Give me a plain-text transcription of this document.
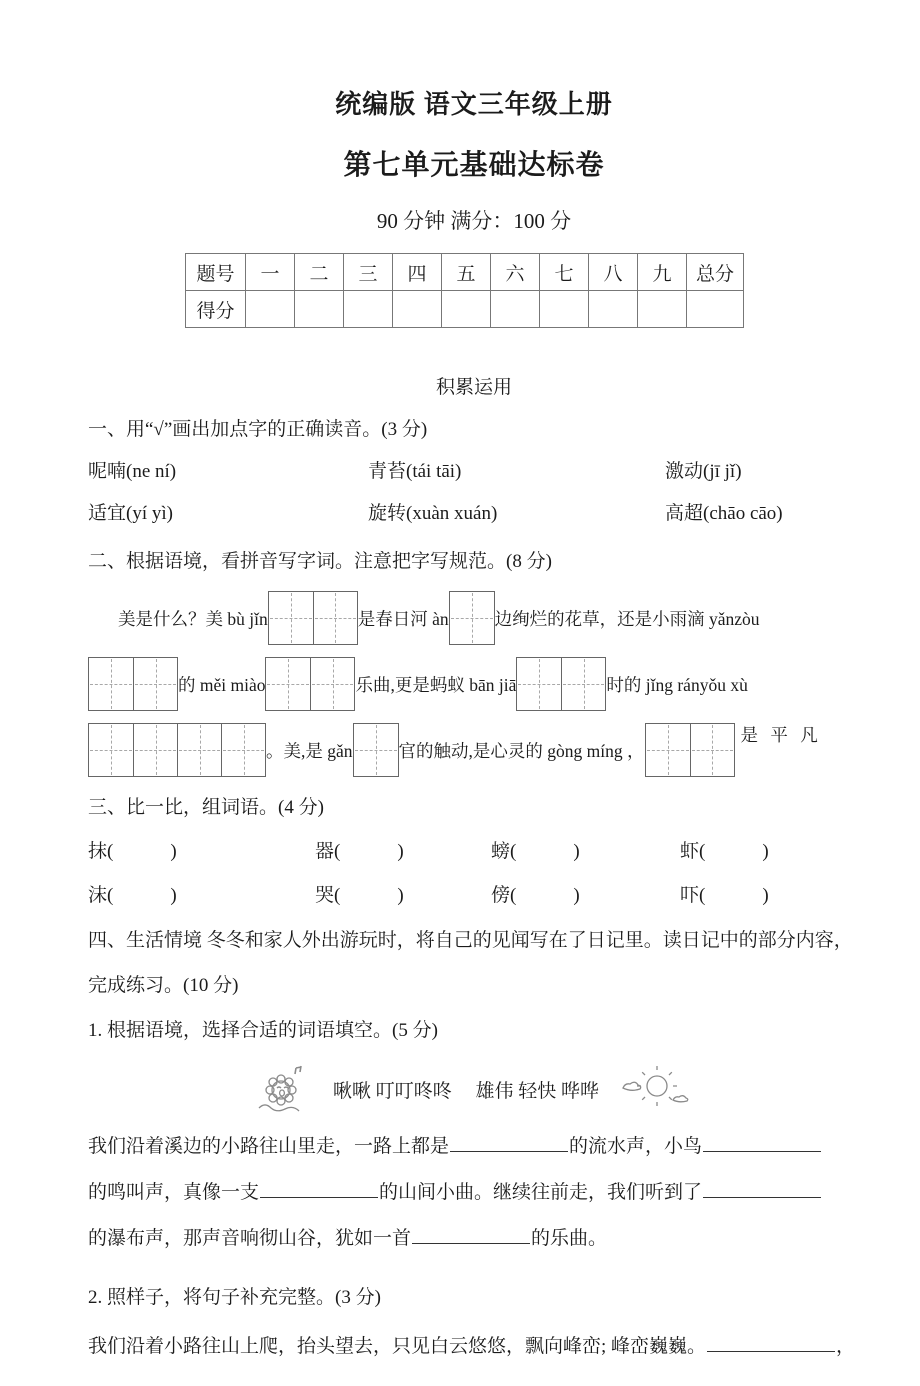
统编版 语文三年级上册
第七单元基础达标卷
90 分钟 满分：100 分
题号	一	二	三	四	五	六	七	八	九	总分
得分										
积累运用
一、用“√”画出加点字的正确读音。(3 分)
呢喃(ne ní)	青苔(tái tāi)	激动(jī jǐ)
适宜(yí yì)	旋转(xuàn xuán)	高超(chāo cāo)
二、根据语境，看拼音写字词。注意把字写规范。(8 分)
美是什么？美 bù jǐn	是春日河 àn	边绚烂的花草，还是小雨滴 yǎnzòu
的 měi miào	乐曲,更是蚂蚁 bān jiā	时的 jǐng rányǒu xù
。美,是 gǎn	官的触动,是心灵的 gòng míng ，
是 平 凡
三、比一比，组词语。(4 分)
抹(　　　)	器(　　　)	螃(　　　)	虾(　　　)
沫(　　　)	哭(　　　)	傍(　　　)	吓(　　　)
四、生活情境 冬冬和家人外出游玩时，将自己的见闻写在了日记里。读日记中的部分内容，
完成练习。(10 分)
1. 根据语境，选择合适的词语填空。(5 分)
啾啾 叮叮咚咚　 雄伟 轻快 哗哗

我们沿着溪边的小路往山里走，一路上都是	的流水声，小鸟

的鸣叫声，真像一支	的山间小曲。继续往前走，我们听到了

的瀑布声，那声音响彻山谷，犹如一首	的乐曲。

2. 照样子，将句子补充完整。(3 分)
我们沿着小路往山上爬，抬头望去，只见白云悠悠，飘向峰峦; 峰峦巍巍。	，
